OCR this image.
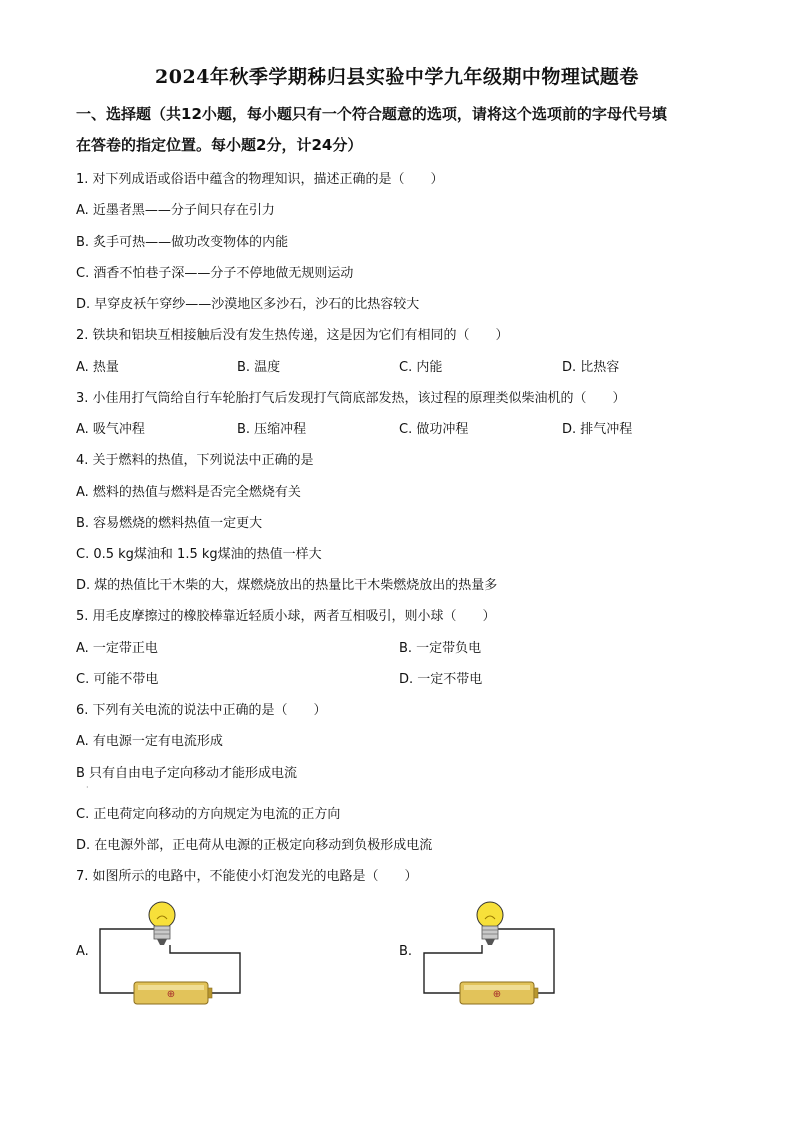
2024年秋季学期秭归县实验中学九年级期中物理试题卷
一、选择题（共12小题，每小题只有一个符合题意的选项，请将这个选项前的字母代号填
在答卷的指定位置。每小题2分，计24分）
1. 对下列成语或俗语中蕴含的物理知识，描述正确的是（　　）
A. 近墨者黑——分子间只存在引力
B. 炙手可热——做功改变物体的内能
C. 酒香不怕巷子深——分子不停地做无规则运动
D. 早穿皮袄午穿纱——沙漠地区多沙石，沙石的比热容较大
2. 铁块和铝块互相接触后没有发生热传递，这是因为它们有相同的（　　）
A. 热量	B. 温度	C. 内能	D. 比热容
3. 小佳用打气筒给自行车轮胎打气后发现打气筒底部发热，该过程的原理类似柴油机的（　　）
A. 吸气冲程	B. 压缩冲程	C. 做功冲程	D. 排气冲程
4. 关于燃料的热值，下列说法中正确的是
A. 燃料的热值与燃料是否完全燃烧有关
B. 容易燃烧的燃料热值一定更大
C. 0.5 kg煤油和 1.5 kg煤油的热值一样大
D. 煤的热值比干木柴的大，煤燃烧放出的热量比干木柴燃烧放出的热量多
5. 用毛皮摩擦过的橡胶棒靠近轻质小球，两者互相吸引，则小球（　　）
A. 一定带正电	B. 一定带负电
C. 可能不带电	D. 一定不带电
6. 下列有关电流的说法中正确的是（　　）
A. 有电源一定有电流形成
B 只有自由电子定向移动才能形成电流
·
C. 正电荷定向移动的方向规定为电流的正方向
D. 在电源外部，正电荷从电源的正极定向移动到负极形成电流
7. 如图所示的电路中，不能使小灯泡发光的电路是（　　）
A.	B.
⊕	⊕
